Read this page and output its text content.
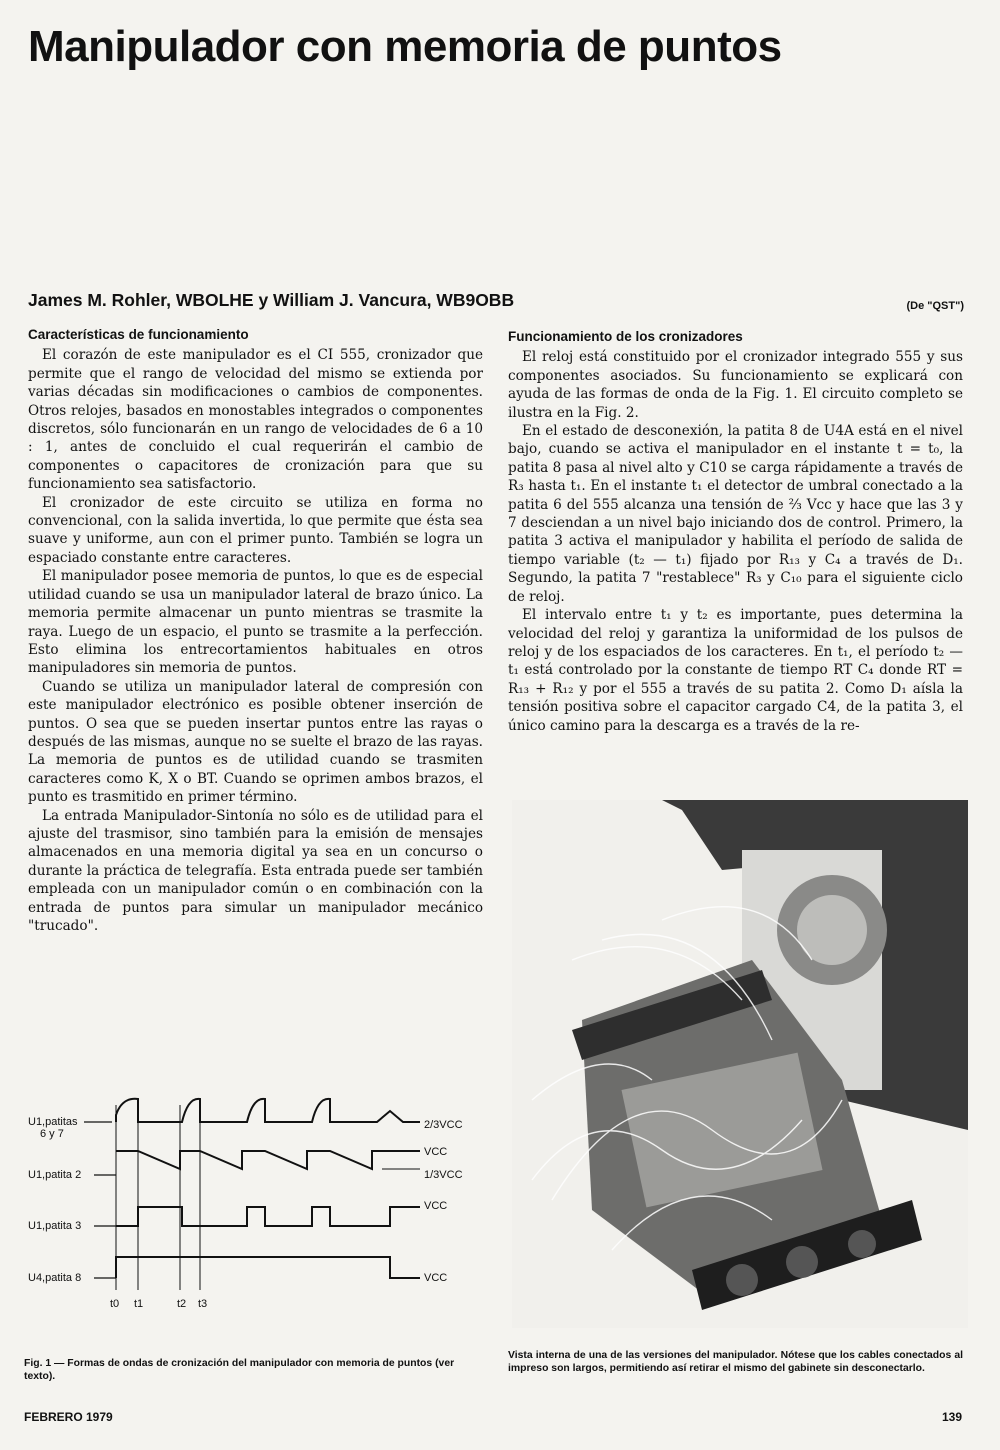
Manipulador con memoria de puntos
James M. Rohler, WBOLHE y William J. Vancura, WB9OBB	(De "QST")
Características de funcionamiento

El corazón de este manipulador es el CI 555, cronizador que permite que el rango de velocidad del mismo se extienda por varias décadas sin modificaciones o cambios de componentes. Otros relojes, basados en monostables integrados o componentes discretos, sólo funcionarán en un rango de velocidades de 6 a 10 : 1, antes de concluido el cual requerirán el cambio de componentes o capacitores de cronización para que su funcionamiento sea satisfactorio.

El cronizador de este circuito se utiliza en forma no convencional, con la salida invertida, lo que permite que ésta sea suave y uniforme, aun con el primer punto. También se logra un espaciado constante entre caracteres.

El manipulador posee memoria de puntos, lo que es de especial utilidad cuando se usa un manipulador lateral de brazo único. La memoria permite almacenar un punto mientras se trasmite la raya. Luego de un espacio, el punto se trasmite a la perfección. Esto elimina los entrecortamientos habituales en otros manipuladores sin memoria de puntos.

Cuando se utiliza un manipulador lateral de compresión con este manipulador electrónico es posible obtener inserción de puntos. O sea que se pueden insertar puntos entre las rayas o después de las mismas, aunque no se suelte el brazo de las rayas. La memoria de puntos es de utilidad cuando se trasmiten caracteres como K, X o BT. Cuando se oprimen ambos brazos, el punto es trasmitido en primer término.

La entrada Manipulador-Sintonía no sólo es de utilidad para el ajuste del trasmisor, sino también para la emisión de mensajes almacenados en una memoria digital ya sea en un concurso o durante la práctica de telegrafía. Esta entrada puede ser también empleada con un manipulador común o en combinación con la entrada de puntos para simular un manipulador mecánico "trucado".

Funcionamiento de los cronizadores

El reloj está constituido por el cronizador integrado 555 y sus componentes asociados. Su funcionamiento se explicará con ayuda de las formas de onda de la Fig. 1. El circuito completo se ilustra en la Fig. 2.

En el estado de desconexión, la patita 8 de U4A está en el nivel bajo, cuando se activa el manipulador en el instante t = t₀, la patita 8 pasa al nivel alto y C10 se carga rápidamente a través de R₃ hasta t₁. En el instante t₁ el detector de umbral conectado a la patita 6 del 555 alcanza una tensión de ⅔ Vcc y hace que las 3 y 7 desciendan a un nivel bajo iniciando dos de control. Primero, la patita 3 activa el manipulador y habilita el período de salida de tiempo variable (t₂ — t₁) fijado por R₁₃ y C₄ a través de D₁. Segundo, la patita 7 "restablece" R₃ y C₁₀ para el siguiente ciclo de reloj.

El intervalo entre t₁ y t₂ es importante, pues determina la velocidad del reloj y garantiza la uniformidad de los pulsos de reloj y de los espaciados de los caracteres. En t₁, el período t₂ — t₁ está controlado por la constante de tiempo RT C₄ donde RT = R₁₃ + R₁₂ y por el 555 a través de su patita 2. Como D₁ aísla la tensión positiva sobre el capacitor cargado C4, de la patita 3, el único camino para la descarga es a través de la re-

U1,patitas
6 y 7
U1,patita 2
U1,patita 3
U4,patita 8
2/3VCC
VCC
1/3VCC
VCC
VCC
t0 t1	t2 t3
Fig. 1 — Formas de ondas de cronización del manipulador con memoria de puntos (ver texto).
Vista interna de una de las versiones del manipulador. Nótese que los cables conectados al impreso son largos, permitiendo así retirar el mismo del gabinete sin desconectarlo.
FEBRERO 1979	139
